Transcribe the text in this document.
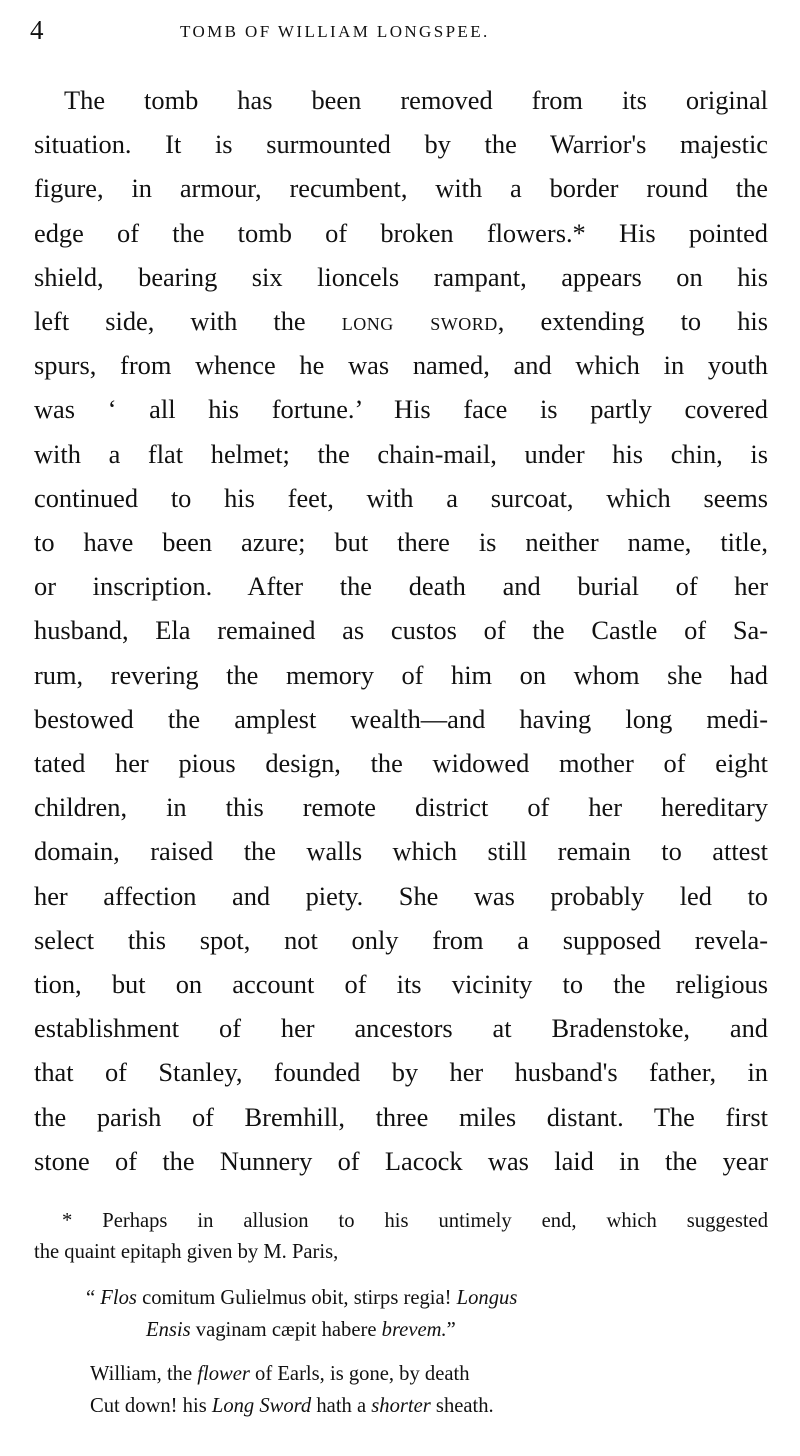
4	TOMB OF WILLIAM LONGSPEE.
The tomb has been removed from its original
situation. It is surmounted by the Warrior's majestic
figure, in armour, recumbent, with a border round the
edge of the tomb of broken flowers.* His pointed
shield, bearing six lioncels rampant, appears on his
left side, with the long sword, extending to his
spurs, from whence he was named, and which in youth
was ‘ all his fortune.’ His face is partly covered
with a flat helmet; the chain-mail, under his chin, is
continued to his feet, with a surcoat, which seems
to have been azure; but there is neither name, title,
or inscription. After the death and burial of her
husband, Ela remained as custos of the Castle of Sa-
rum, revering the memory of him on whom she had
bestowed the amplest wealth—and having long medi-
tated her pious design, the widowed mother of eight
children, in this remote district of her hereditary
domain, raised the walls which still remain to attest
her affection and piety. She was probably led to
select this spot, not only from a supposed revela-
tion, but on account of its vicinity to the religious
establishment of her ancestors at Bradenstoke, and
that of Stanley, founded by her husband's father, in
the parish of Bremhill, three miles distant. The first
stone of the Nunnery of Lacock was laid in the year
* Perhaps in allusion to his untimely end, which suggested
the quaint epitaph given by M. Paris,
“ Flos comitum Gulielmus obit, stirps regia! Longus
Ensis vaginam cæpit habere brevem.”
William, the flower of Earls, is gone, by death
Cut down! his Long Sword hath a shorter sheath.
